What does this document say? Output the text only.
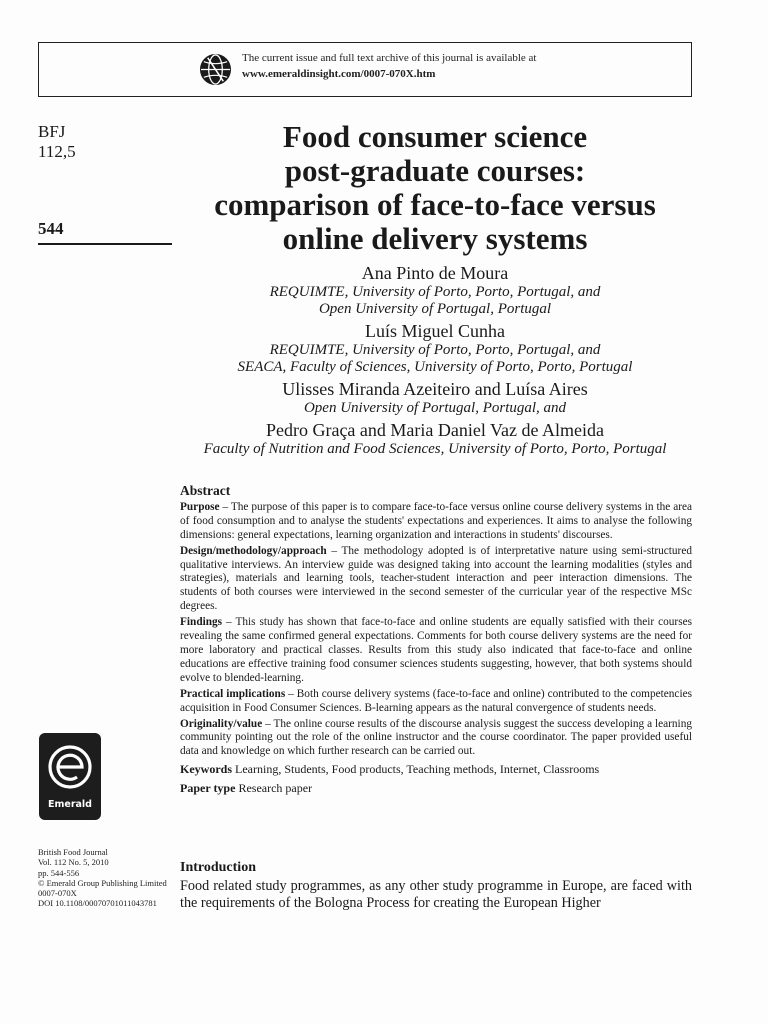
The current issue and full text archive of this journal is available at
www.emeraldinsight.com/0007-070X.htm
BFJ
112,5
544
Food consumer science
post-graduate courses:
comparison of face-to-face versus
online delivery systems
Ana Pinto de Moura
REQUIMTE, University of Porto, Porto, Portugal, and
Open University of Portugal, Portugal
Luís Miguel Cunha
REQUIMTE, University of Porto, Porto, Portugal, and
SEACA, Faculty of Sciences, University of Porto, Porto, Portugal
Ulisses Miranda Azeiteiro and Luísa Aires
Open University of Portugal, Portugal, and
Pedro Graça and Maria Daniel Vaz de Almeida
Faculty of Nutrition and Food Sciences, University of Porto, Porto, Portugal
Abstract
Purpose – The purpose of this paper is to compare face-to-face versus online course delivery systems in the area of food consumption and to analyse the students' expectations and experiences. It aims to analyse the following dimensions: general expectations, learning organization and interactions in students' discourses.
Design/methodology/approach – The methodology adopted is of interpretative nature using semi-structured qualitative interviews. An interview guide was designed taking into account the learning modalities (styles and strategies), materials and learning tools, teacher-student interaction and peer interaction dimensions. The students of both courses were interviewed in the second semester of the curricular year of the respective MSc degrees.
Findings – This study has shown that face-to-face and online students are equally satisfied with their courses revealing the same confirmed general expectations. Comments for both course delivery systems are the need for more laboratory and practical classes. Results from this study also indicated that face-to-face and online educations are effective training food consumer sciences students suggesting, however, that both systems should evolve to blended-learning.
Practical implications – Both course delivery systems (face-to-face and online) contributed to the competencies acquisition in Food Consumer Sciences. B-learning appears as the natural convergence of students needs.
Originality/value – The online course results of the discourse analysis suggest the success developing a learning community pointing out the role of the online instructor and the course coordinator. The paper provided useful data and knowledge on which further research can be carried out.
Keywords Learning, Students, Food products, Teaching methods, Internet, Classrooms
Paper type Research paper
Emerald
British Food Journal
Vol. 112 No. 5, 2010
pp. 544-556
© Emerald Group Publishing Limited
0007-070X
DOI 10.1108/00070701011043781
Introduction
Food related study programmes, as any other study programme in Europe, are faced with the requirements of the Bologna Process for creating the European Higher
